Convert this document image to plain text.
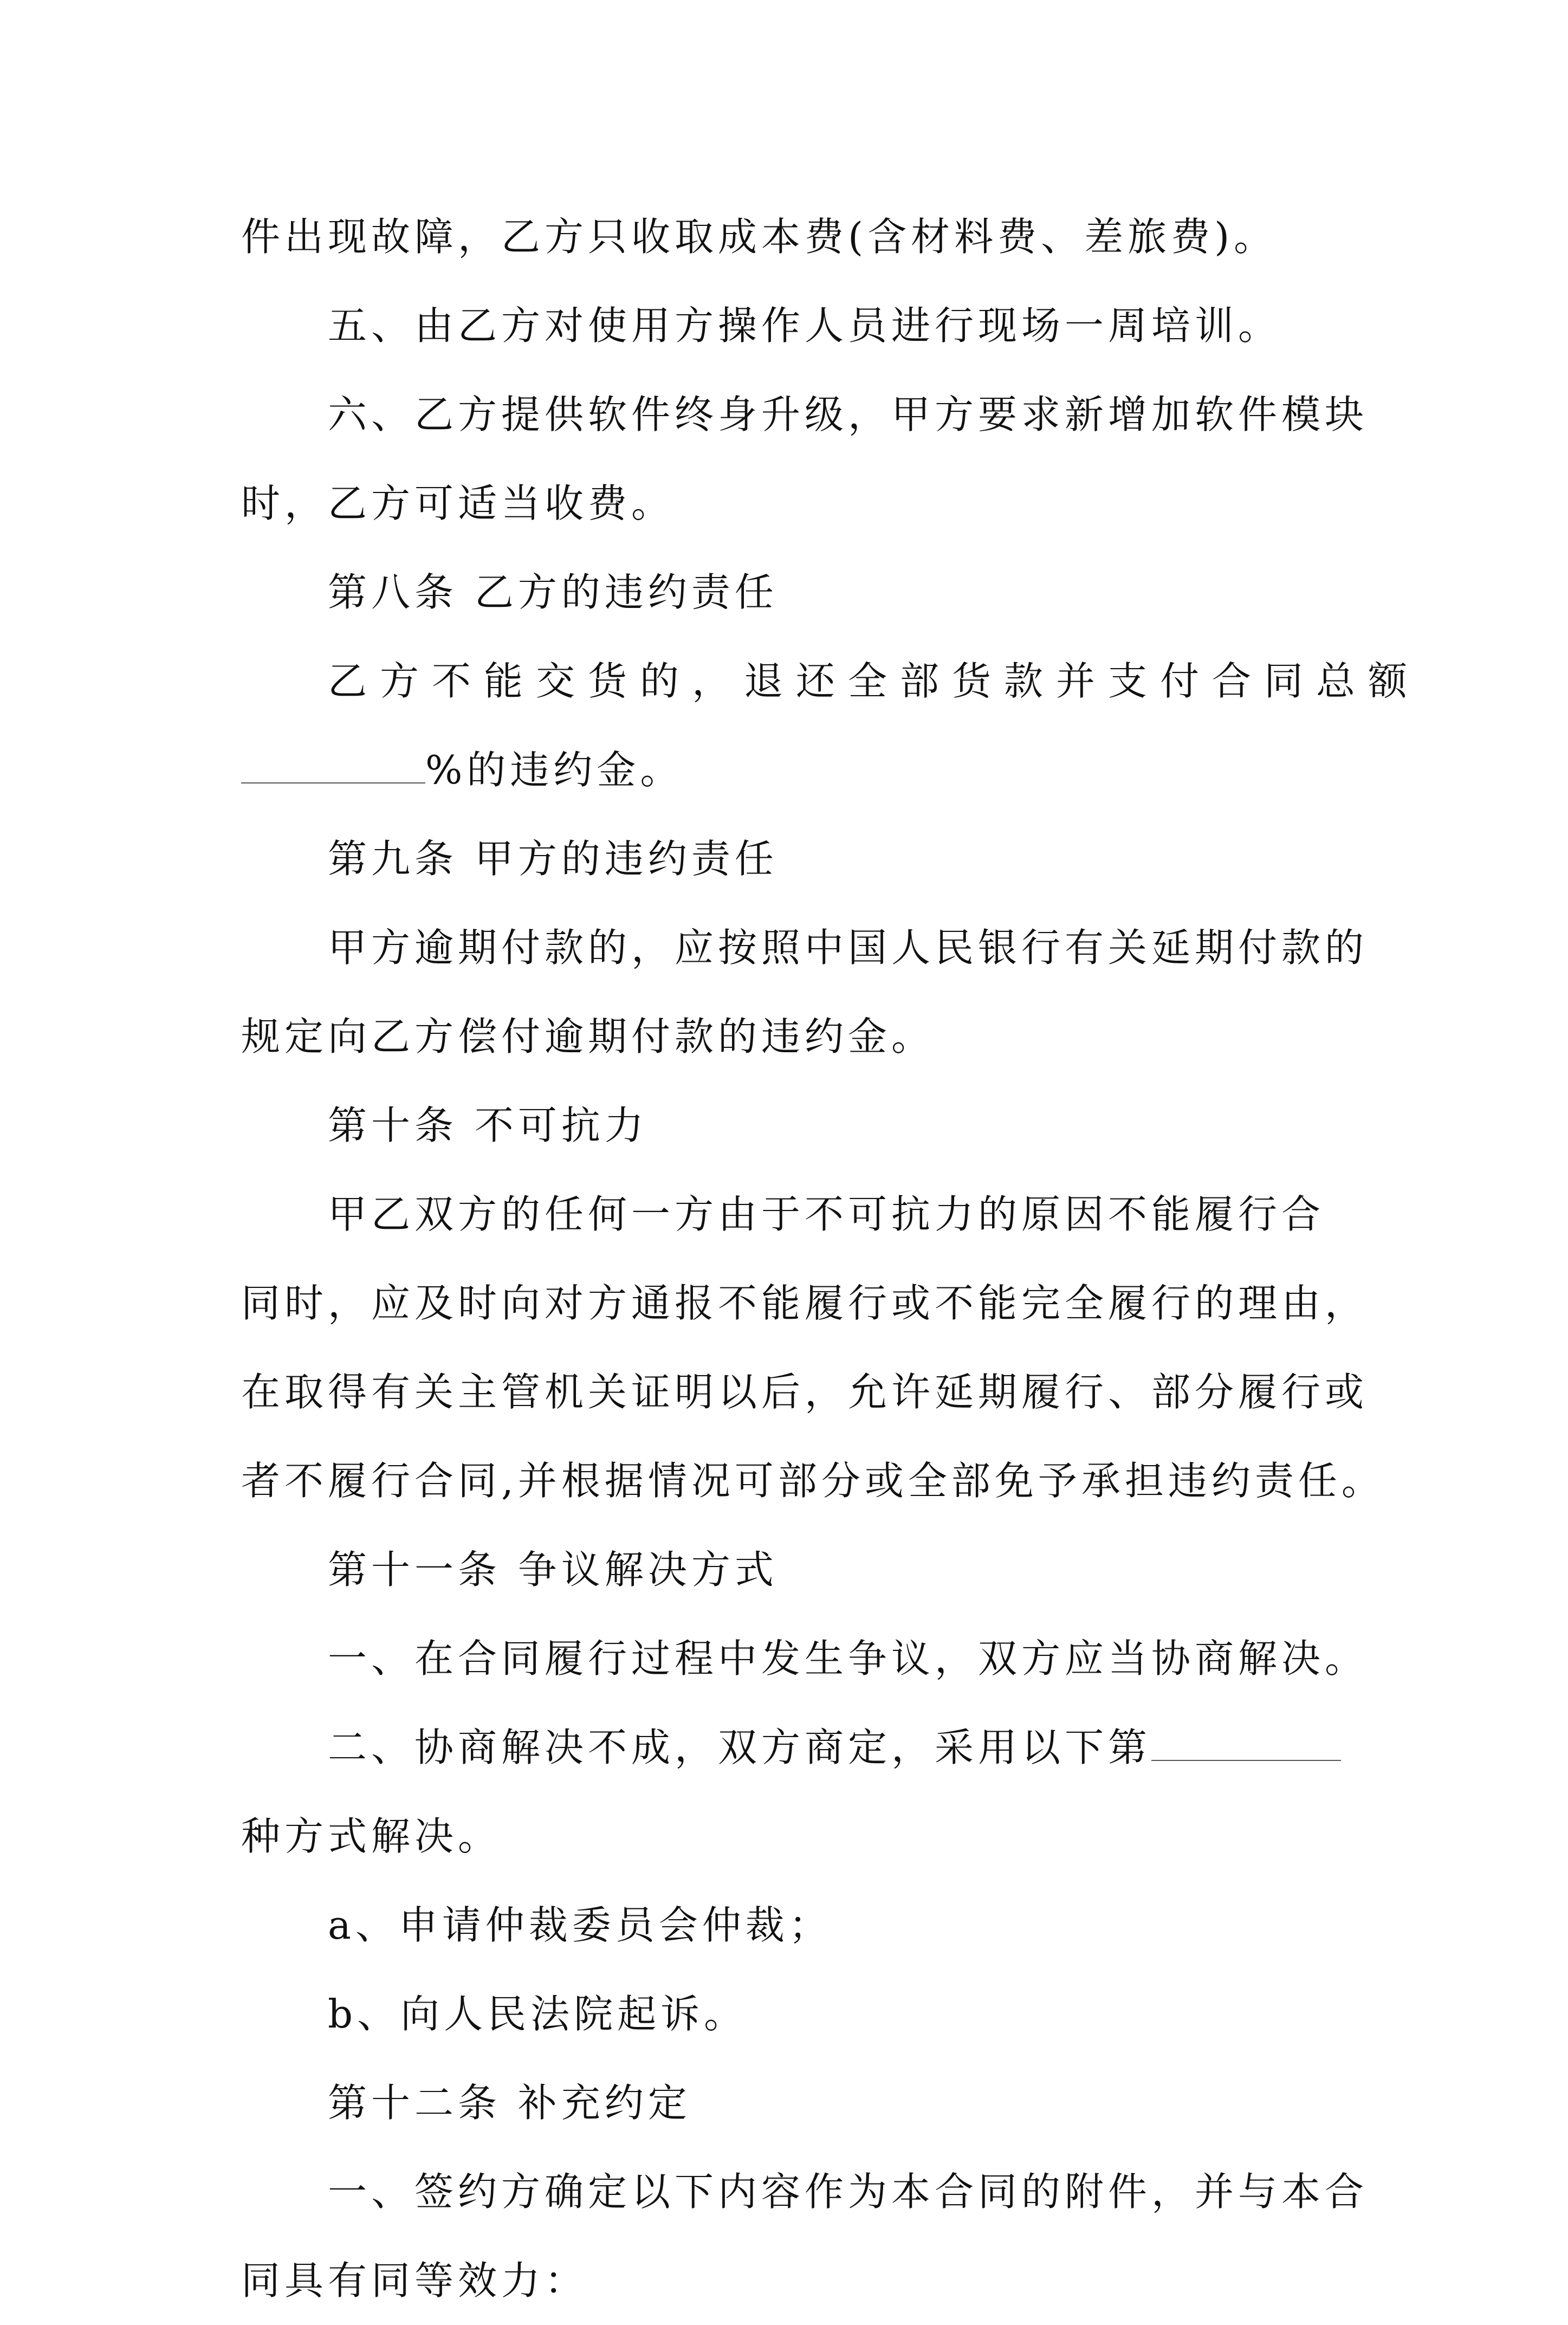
件出现故障，乙方只收取成本费(含材料费、差旅费)。
五、由乙方对使用方操作人员进行现场一周培训。
六、乙方提供软件终身升级，甲方要求新增加软件模块
时，乙方可适当收费。
第八条 乙方的违约责任
乙方不能交货的，退还全部货款并支付合同总额
%的违约金。
第九条 甲方的违约责任
甲方逾期付款的，应按照中国人民银行有关延期付款的
规定向乙方偿付逾期付款的违约金。
第十条 不可抗力
甲乙双方的任何一方由于不可抗力的原因不能履行合
同时，应及时向对方通报不能履行或不能完全履行的理由，
在取得有关主管机关证明以后，允许延期履行、部分履行或
者不履行合同,并根据情况可部分或全部免予承担违约责任。
第十一条 争议解决方式
一、在合同履行过程中发生争议，双方应当协商解决。
二、协商解决不成，双方商定，采用以下第
种方式解决。
a、申请仲裁委员会仲裁；
b、向人民法院起诉。
第十二条 补充约定
一、签约方确定以下内容作为本合同的附件，并与本合
同具有同等效力：
